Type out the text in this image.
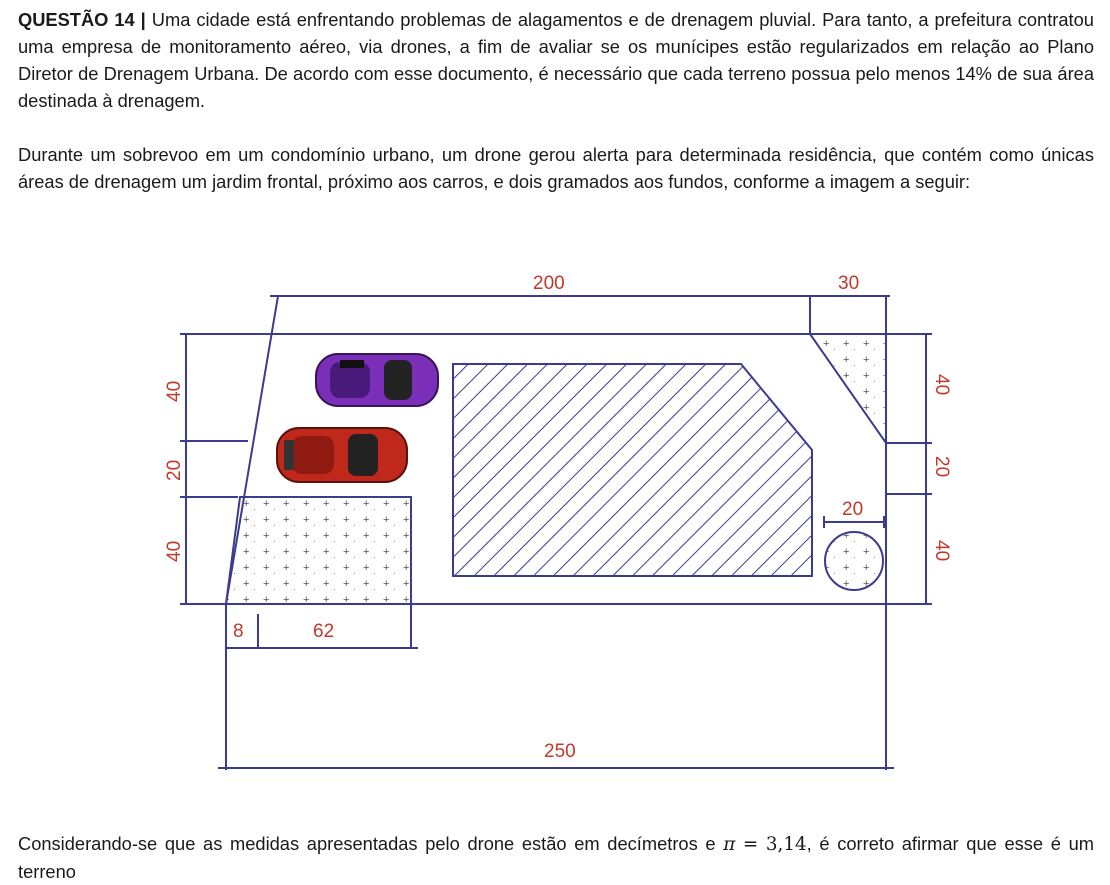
QUESTÃO 14 | Uma cidade está enfrentando problemas de alagamentos e de drenagem pluvial. Para tanto, a prefeitura contratou uma empresa de monitoramento aéreo, via drones, a fim de avaliar se os munícipes estão regularizados em relação ao Plano Diretor de Drenagem Urbana. De acordo com esse documento, é necessário que cada terreno possua pelo menos 14% de sua área destinada à drenagem.

Durante um sobrevoo em um condomínio urbano, um drone gerou alerta para determinada residência, que contém como únicas áreas de drenagem um jardim frontal, próximo aos carros, e dois gramados aos fundos, conforme a imagem a seguir:

200	30
40
20
40
40
20
40
20
8	62
250

Considerando-se que as medidas apresentadas pelo drone estão em decímetros e π = 3,14, é correto afirmar que esse é um terreno
